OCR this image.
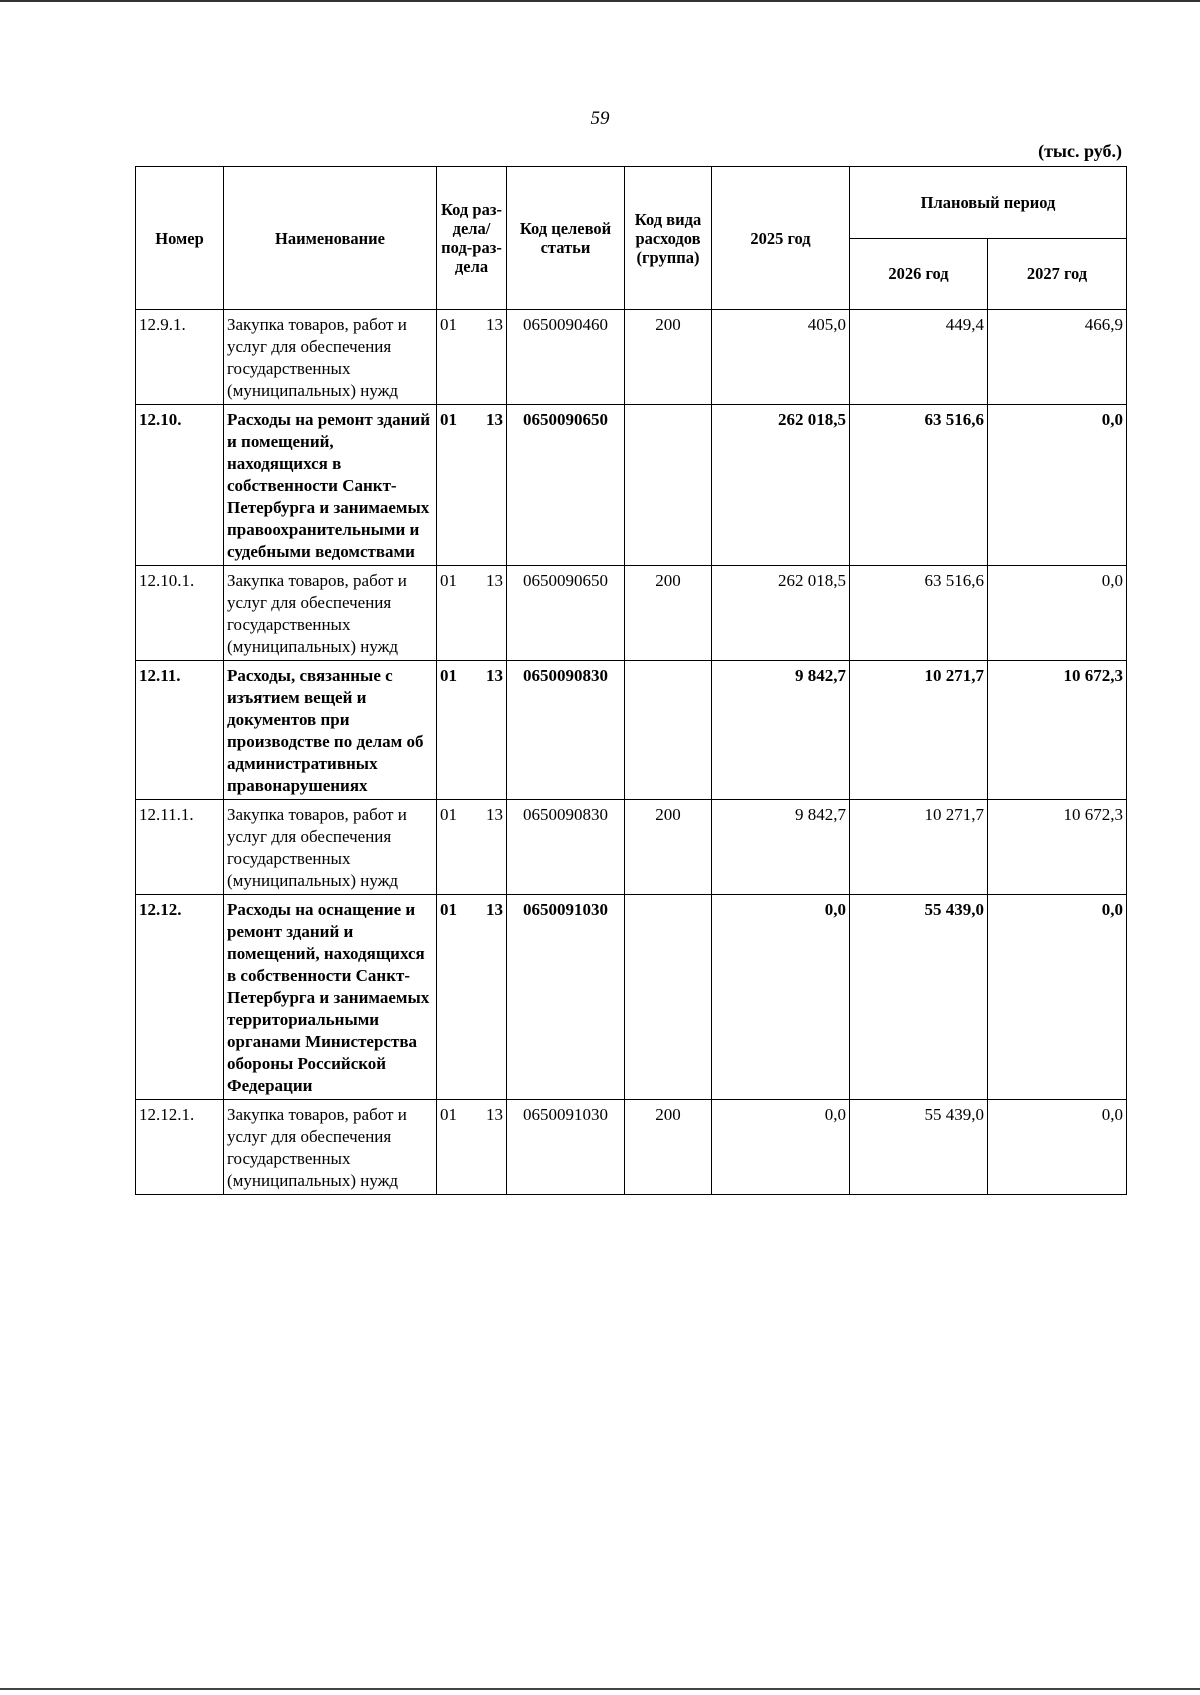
59
(тыс. руб.)
Номер	Наименование	Код раз-дела/ под-раз-дела	Код целевой статьи	Код вида расходов (группа)	2025 год	Плановый период	
						2026 год	2027 год
12.9.1.	Закупка товаров, работ и услуг для обеспечения государственных (муниципальных) нужд	01 13	0650090460	200	405,0	449,4	466,9
12.10.	Расходы на ремонт зданий и помещений, находящихся в собственности Санкт-Петербурга и занимаемых правоохранительными и судебными ведомствами	01 13	0650090650		262 018,5	63 516,6	0,0
12.10.1.	Закупка товаров, работ и услуг для обеспечения государственных (муниципальных) нужд	01 13	0650090650	200	262 018,5	63 516,6	0,0
12.11.	Расходы, связанные с изъятием вещей и документов при производстве по делам об административных правонарушениях	01 13	0650090830		9 842,7	10 271,7	10 672,3
12.11.1.	Закупка товаров, работ и услуг для обеспечения государственных (муниципальных) нужд	01 13	0650090830	200	9 842,7	10 271,7	10 672,3
12.12.	Расходы на оснащение и ремонт зданий и помещений, находящихся в собственности Санкт-Петербурга и занимаемых территориальными органами Министерства обороны Российской Федерации	01 13	0650091030		0,0	55 439,0	0,0
12.12.1.	Закупка товаров, работ и услуг для обеспечения государственных (муниципальных) нужд	01 13	0650091030	200	0,0	55 439,0	0,0
